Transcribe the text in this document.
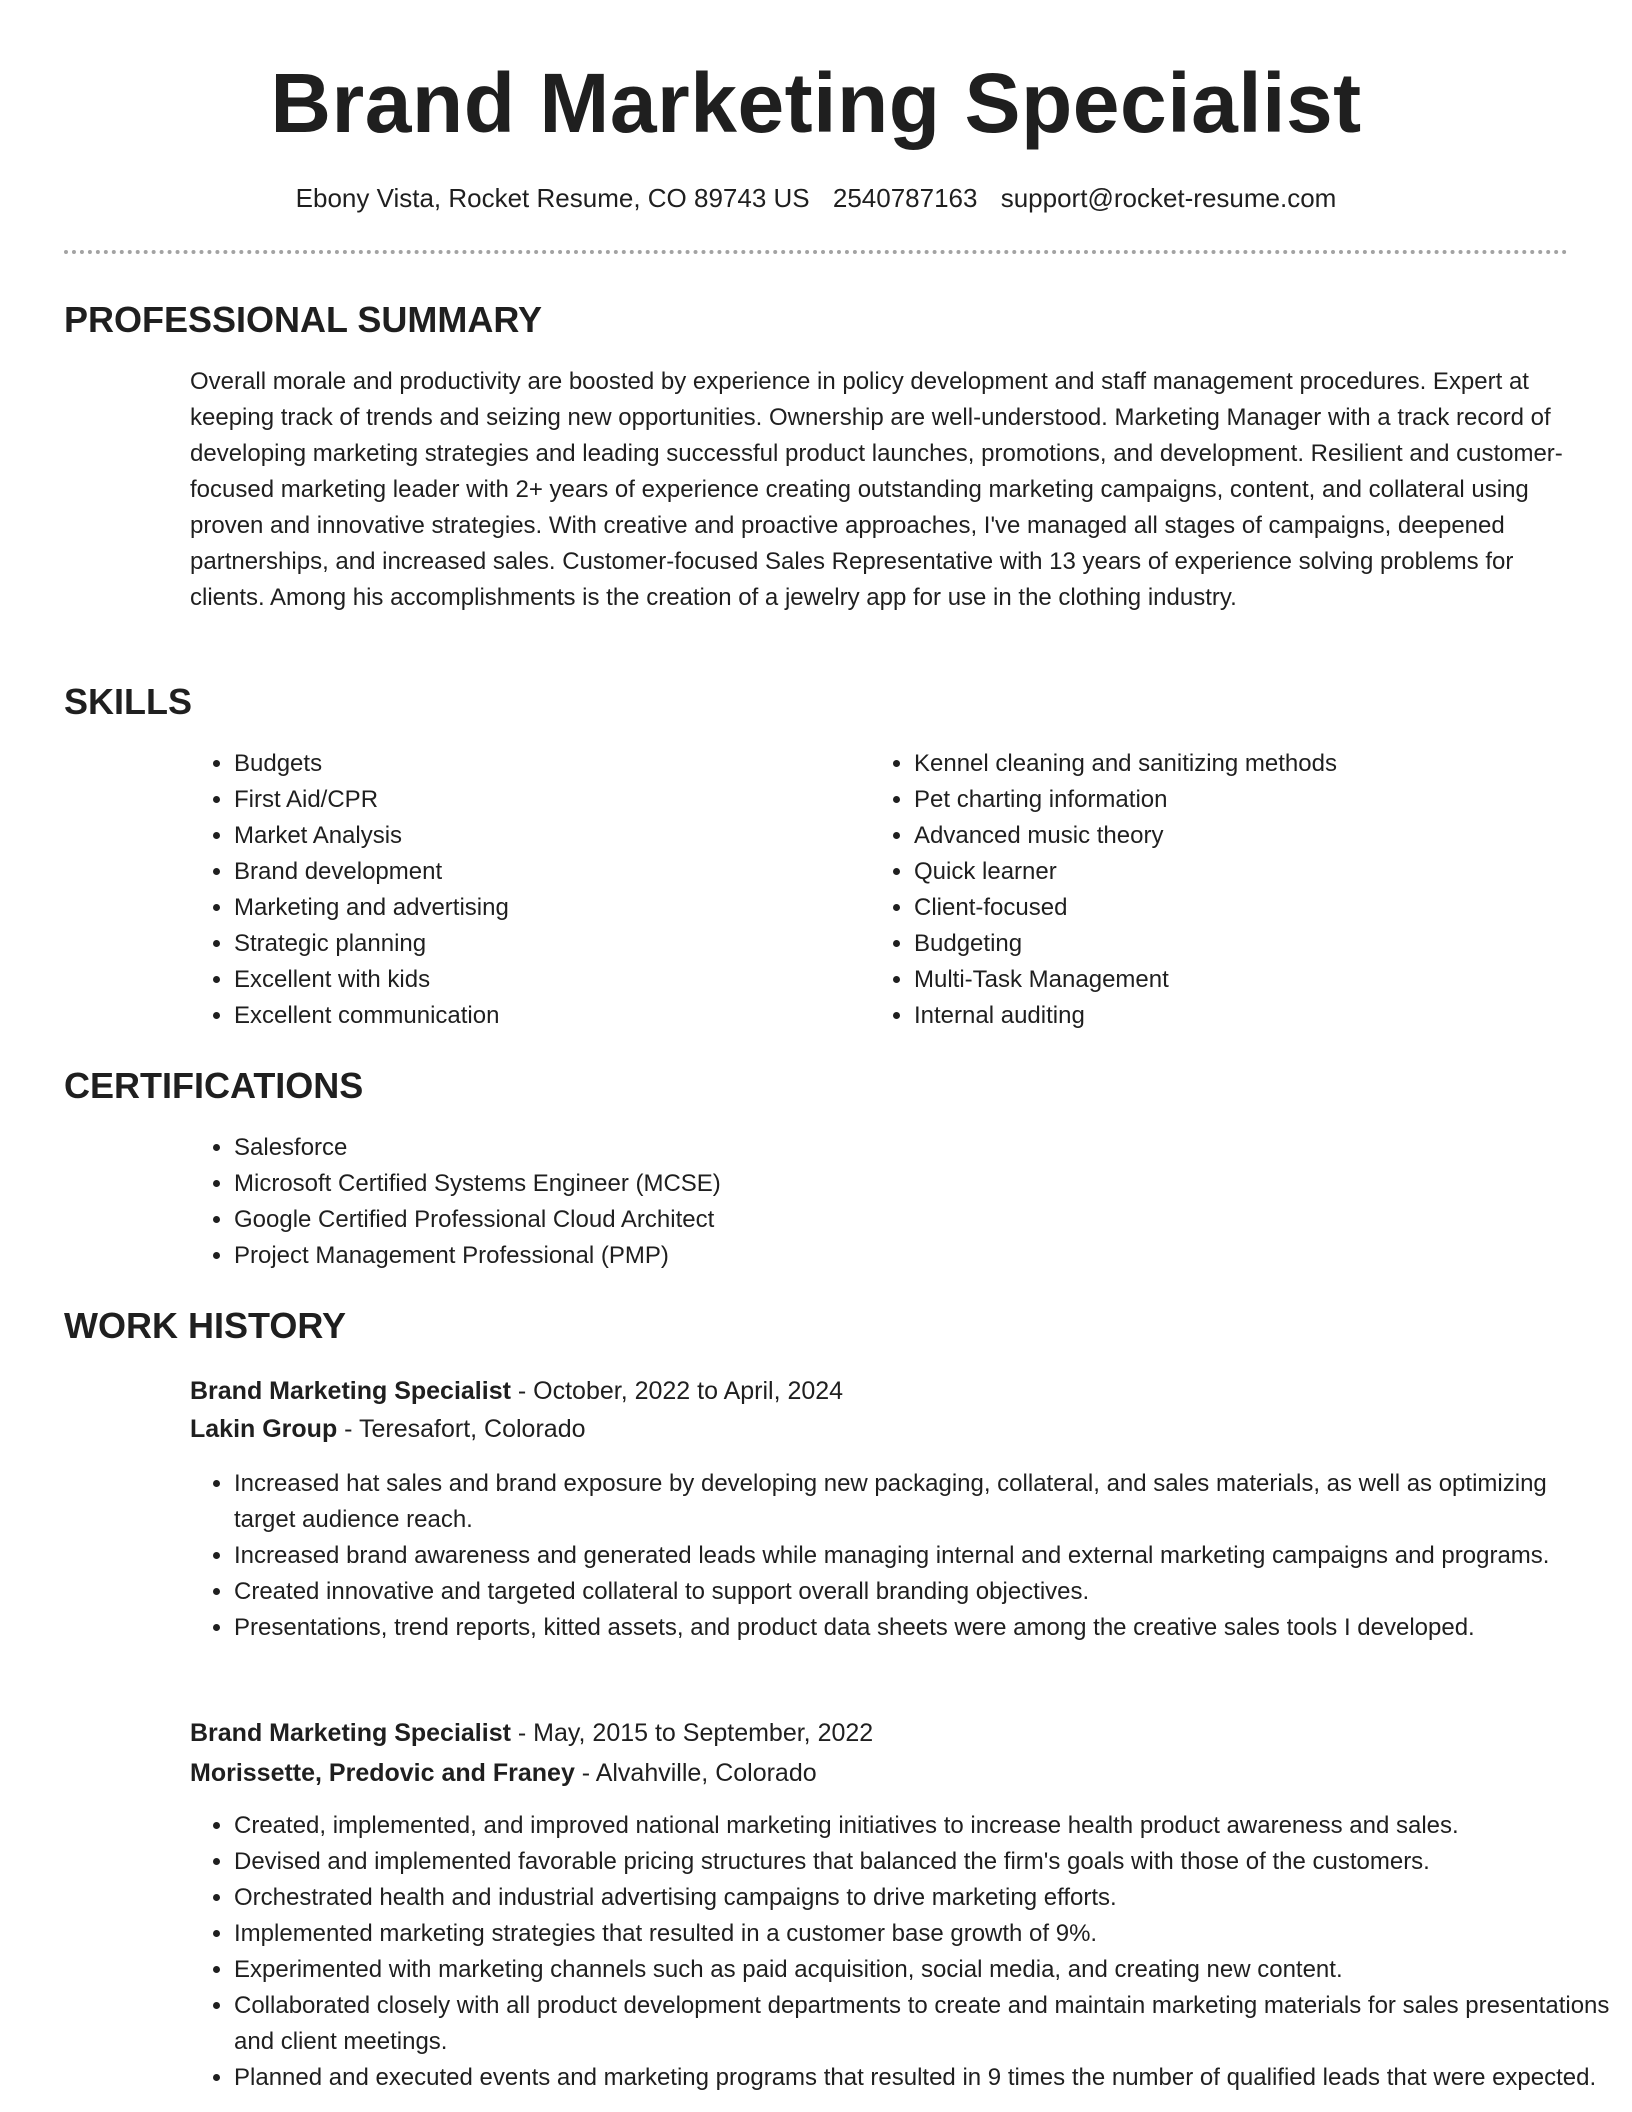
Brand Marketing Specialist
Ebony Vista, Rocket Resume, CO 89743 US 2540787163 support@rocket-resume.com
PROFESSIONAL SUMMARY

Overall morale and productivity are boosted by experience in policy development and staff management procedures. Expert at keeping track of trends and seizing new opportunities. Ownership are well-understood. Marketing Manager with a track record of developing marketing strategies and leading successful product launches, promotions, and development. Resilient and customer-focused marketing leader with 2+ years of experience creating outstanding marketing campaigns, content, and collateral using proven and innovative strategies. With creative and proactive approaches, I've managed all stages of campaigns, deepened partnerships, and increased sales. Customer-focused Sales Representative with 13 years of experience solving problems for clients. Among his accomplishments is the creation of a jewelry app for use in the clothing industry.

SKILLS
• Budgets
• First Aid/CPR
• Market Analysis
• Brand development
• Marketing and advertising
• Strategic planning
• Excellent with kids
• Excellent communication
• Kennel cleaning and sanitizing methods
• Pet charting information
• Advanced music theory
• Quick learner
• Client-focused
• Budgeting
• Multi-Task Management
• Internal auditing
CERTIFICATIONS
• Salesforce
• Microsoft Certified Systems Engineer (MCSE)
• Google Certified Professional Cloud Architect
• Project Management Professional (PMP)
WORK HISTORY
Brand Marketing Specialist - October, 2022 to April, 2024
Lakin Group - Teresafort, Colorado
• Increased hat sales and brand exposure by developing new packaging, collateral, and sales materials, as well as optimizing target audience reach.
• Increased brand awareness and generated leads while managing internal and external marketing campaigns and programs.
• Created innovative and targeted collateral to support overall branding objectives.
• Presentations, trend reports, kitted assets, and product data sheets were among the creative sales tools I developed.
Brand Marketing Specialist - May, 2015 to September, 2022
Morissette, Predovic and Franey - Alvahville, Colorado
• Created, implemented, and improved national marketing initiatives to increase health product awareness and sales.
• Devised and implemented favorable pricing structures that balanced the firm's goals with those of the customers.
• Orchestrated health and industrial advertising campaigns to drive marketing efforts.
• Implemented marketing strategies that resulted in a customer base growth of 9%.
• Experimented with marketing channels such as paid acquisition, social media, and creating new content.
• Collaborated closely with all product development departments to create and maintain marketing materials for sales presentations and client meetings.
• Planned and executed events and marketing programs that resulted in 9 times the number of qualified leads that were expected.
